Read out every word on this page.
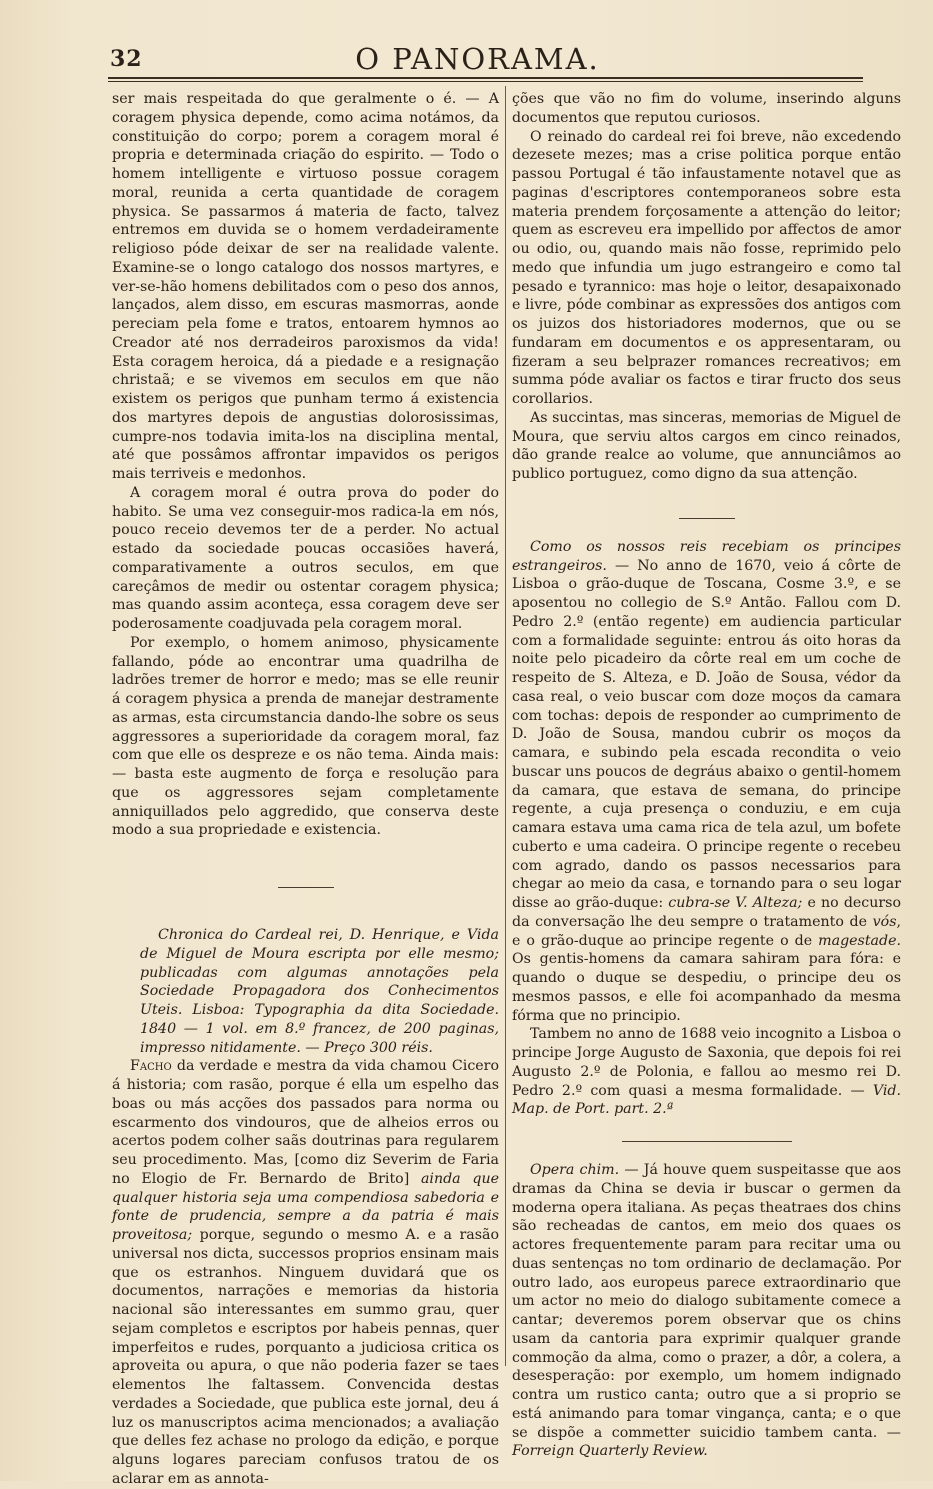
32	O PANORAMA.

ser mais respeitada do que geralmente o é. — A coragem physica depende, como acima notámos, da constituição do corpo; porem a coragem moral é propria e determinada criação do espirito. — Todo o homem intelligente e virtuoso possue coragem moral, reunida a certa quantidade de coragem physica. Se passarmos á materia de facto, talvez entremos em duvida se o homem verdadeiramente religioso póde deixar de ser na realidade valente. Examine-se o longo catalogo dos nossos martyres, e ver-se-hão homens debilitados com o peso dos annos, lançados, alem disso, em escuras masmorras, aonde pereciam pela fome e tratos, entoarem hymnos ao Creador até nos derradeiros paroxismos da vida! Esta coragem heroica, dá a piedade e a resignação christaã; e se vivemos em seculos em que não existem os perigos que punham termo á existencia dos martyres depois de angustias dolorosissimas, cumpre-nos todavia imita-los na disciplina mental, até que possâmos affrontar impavidos os perigos mais terriveis e medonhos.

A coragem moral é outra prova do poder do habito. Se uma vez conseguir-mos radica-la em nós, pouco receio devemos ter de a perder. No actual estado da sociedade poucas occasiões haverá, comparativamente a outros seculos, em que careçâmos de medir ou ostentar coragem physica; mas quando assim aconteça, essa coragem deve ser poderosamente coadjuvada pela coragem moral.

Por exemplo, o homem animoso, physicamente fallando, póde ao encontrar uma quadrilha de ladrões tremer de horror e medo; mas se elle reunir á coragem physica a prenda de manejar destramente as armas, esta circumstancia dando-lhe sobre os seus aggressores a superioridade da coragem moral, faz com que elle os despreze e os não tema. Ainda mais: — basta este augmento de força e resolução para que os aggressores sejam completamente anniquillados pelo aggredido, que conserva deste modo a sua propriedade e existencia.

Chronica do Cardeal rei, D. Henrique, e Vida de Miguel de Moura escripta por elle mesmo; publicadas com algumas annotações pela Sociedade Propagadora dos Conhecimentos Uteis. Lisboa: Typographia da dita Sociedade. 1840 — 1 vol. em 8.º francez, de 200 paginas, impresso nitidamente. — Preço 300 réis.

Facho da verdade e mestra da vida chamou Cicero á historia; com rasão, porque é ella um espelho das boas ou más acções dos passados para norma ou escarmento dos vindouros, que de alheios erros ou acertos podem colher saãs doutrinas para regularem seu procedimento. Mas, [como diz Severim de Faria no Elogio de Fr. Bernardo de Brito] ainda que qualquer historia seja uma compendiosa sabedoria e fonte de prudencia, sempre a da patria é mais proveitosa; porque, segundo o mesmo A. e a rasão universal nos dicta, successos proprios ensinam mais que os estranhos. Ninguem duvidará que os documentos, narrações e memorias da historia nacional são interessantes em summo grau, quer sejam completos e escriptos por habeis pennas, quer imperfeitos e rudes, porquanto a judiciosa critica os aproveita ou apura, o que não poderia fazer se taes elementos lhe faltassem. Convencida destas verdades a Sociedade, que publica este jornal, deu á luz os manuscriptos acima mencionados; a avaliação que delles fez achase no prologo da edição, e porque alguns logares pareciam confusos tratou de os aclarar em as annota-

ções que vão no fim do volume, inserindo alguns documentos que reputou curiosos.

O reinado do cardeal rei foi breve, não excedendo dezesete mezes; mas a crise politica porque então passou Portugal é tão infaustamente notavel que as paginas d'escriptores contemporaneos sobre esta materia prendem forçosamente a attenção do leitor; quem as escreveu era impellido por affectos de amor ou odio, ou, quando mais não fosse, reprimido pelo medo que infundia um jugo estrangeiro e como tal pesado e tyrannico: mas hoje o leitor, desapaixonado e livre, póde combinar as expressões dos antigos com os juizos dos historiadores modernos, que ou se fundaram em documentos e os appresentaram, ou fizeram a seu belprazer romances recreativos; em summa póde avaliar os factos e tirar fructo dos seus corollarios.

As succintas, mas sinceras, memorias de Miguel de Moura, que serviu altos cargos em cinco reinados, dão grande realce ao volume, que annunciâmos ao publico portuguez, como digno da sua attenção.

Como os nossos reis recebiam os principes estrangeiros. — No anno de 1670, veio á côrte de Lisboa o grão-duque de Toscana, Cosme 3.º, e se aposentou no collegio de S.º Antão. Fallou com D. Pedro 2.º (então regente) em audiencia particular com a formalidade seguinte: entrou ás oito horas da noite pelo picadeiro da côrte real em um coche de respeito de S. Alteza, e D. João de Sousa, védor da casa real, o veio buscar com doze moços da camara com tochas: depois de responder ao cumprimento de D. João de Sousa, mandou cubrir os moços da camara, e subindo pela escada recondita o veio buscar uns poucos de degráus abaixo o gentil-homem da camara, que estava de semana, do principe regente, a cuja presença o conduziu, e em cuja camara estava uma cama rica de tela azul, um bofete cuberto e uma cadeira. O principe regente o recebeu com agrado, dando os passos necessarios para chegar ao meio da casa, e tornando para o seu logar disse ao grão-duque: cubra-se V. Alteza; e no decurso da conversação lhe deu sempre o tratamento de vós, e o grão-duque ao principe regente o de magestade. Os gentis-homens da camara sahiram para fóra: e quando o duque se despediu, o principe deu os mesmos passos, e elle foi acompanhado da mesma fórma que no principio.

Tambem no anno de 1688 veio incognito a Lisboa o principe Jorge Augusto de Saxonia, que depois foi rei Augusto 2.º de Polonia, e fallou ao mesmo rei D. Pedro 2.º com quasi a mesma formalidade. — Vid. Map. de Port. part. 2.ª

Opera chim. — Já houve quem suspeitasse que aos dramas da China se devia ir buscar o germen da moderna opera italiana. As peças theatraes dos chins são recheadas de cantos, em meio dos quaes os actores frequentemente param para recitar uma ou duas sentenças no tom ordinario de declamação. Por outro lado, aos europeus parece extraordinario que um actor no meio do dialogo subitamente comece a cantar; deveremos porem observar que os chins usam da cantoria para exprimir qualquer grande commoção da alma, como o prazer, a dôr, a colera, a desesperação: por exemplo, um homem indignado contra um rustico canta; outro que a si proprio se está animando para tomar vingança, canta; e o que se dispõe a commetter suicidio tambem canta. — Forreign Quarterly Review.
